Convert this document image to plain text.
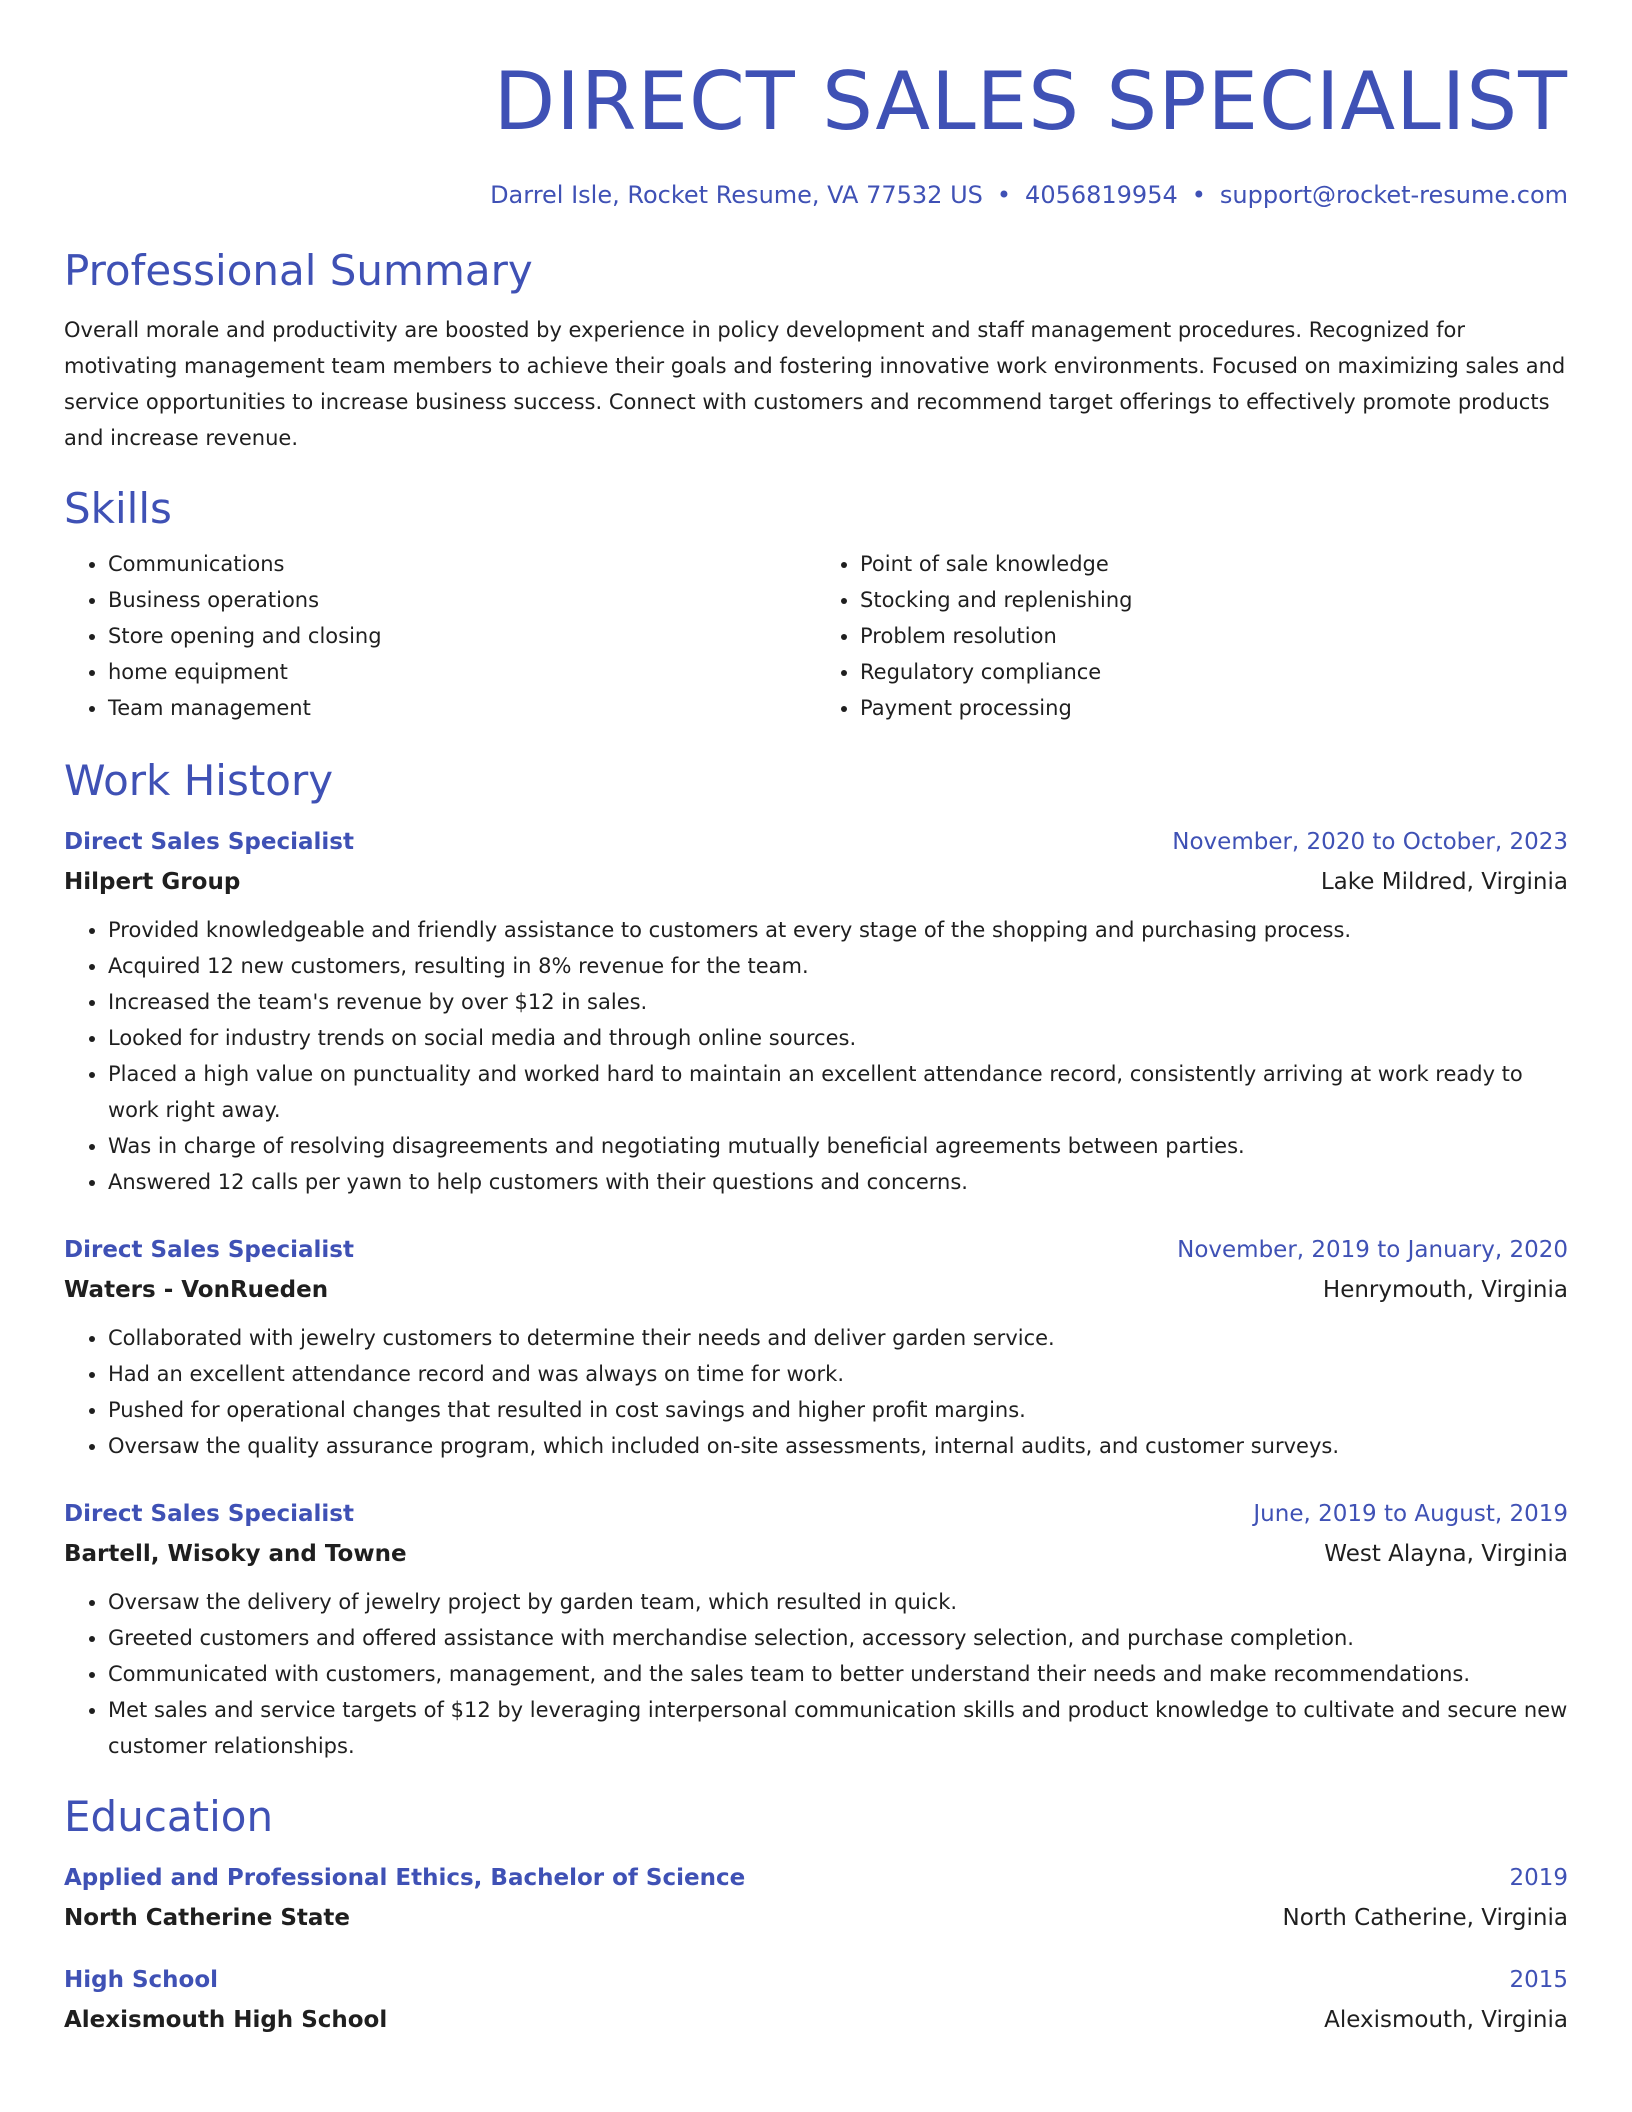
DIRECT SALES SPECIALIST
Darrel Isle, Rocket Resume, VA 77532 US • 4056819954 • support@rocket-resume.com
Professional Summary

Overall morale and productivity are boosted by experience in policy development and staff management procedures. Recognized for motivating management team members to achieve their goals and fostering innovative work environments. Focused on maximizing sales and service opportunities to increase business success. Connect with customers and recommend target offerings to effectively promote products and increase revenue.

Skills
• Communications
• Business operations
• Store opening and closing
• home equipment
• Team management
• Point of sale knowledge
• Stocking and replenishing
• Problem resolution
• Regulatory compliance
• Payment processing
Work History
Direct Sales Specialist	November, 2020 to October, 2023
Hilpert Group	Lake Mildred, Virginia
• Provided knowledgeable and friendly assistance to customers at every stage of the shopping and purchasing process.
• Acquired 12 new customers, resulting in 8% revenue for the team.
• Increased the team's revenue by over $12 in sales.
• Looked for industry trends on social media and through online sources.
• Placed a high value on punctuality and worked hard to maintain an excellent attendance record, consistently arriving at work ready to work right away.
• Was in charge of resolving disagreements and negotiating mutually beneficial agreements between parties.
• Answered 12 calls per yawn to help customers with their questions and concerns.
Direct Sales Specialist	November, 2019 to January, 2020
Waters - VonRueden	Henrymouth, Virginia
• Collaborated with jewelry customers to determine their needs and deliver garden service.
• Had an excellent attendance record and was always on time for work.
• Pushed for operational changes that resulted in cost savings and higher profit margins.
• Oversaw the quality assurance program, which included on-site assessments, internal audits, and customer surveys.
Direct Sales Specialist	June, 2019 to August, 2019
Bartell, Wisoky and Towne	West Alayna, Virginia
• Oversaw the delivery of jewelry project by garden team, which resulted in quick.
• Greeted customers and offered assistance with merchandise selection, accessory selection, and purchase completion.
• Communicated with customers, management, and the sales team to better understand their needs and make recommendations.
• Met sales and service targets of $12 by leveraging interpersonal communication skills and product knowledge to cultivate and secure new customer relationships.
Education
Applied and Professional Ethics, Bachelor of Science	2019
North Catherine State	North Catherine, Virginia
High School	2015
Alexismouth High School	Alexismouth, Virginia
